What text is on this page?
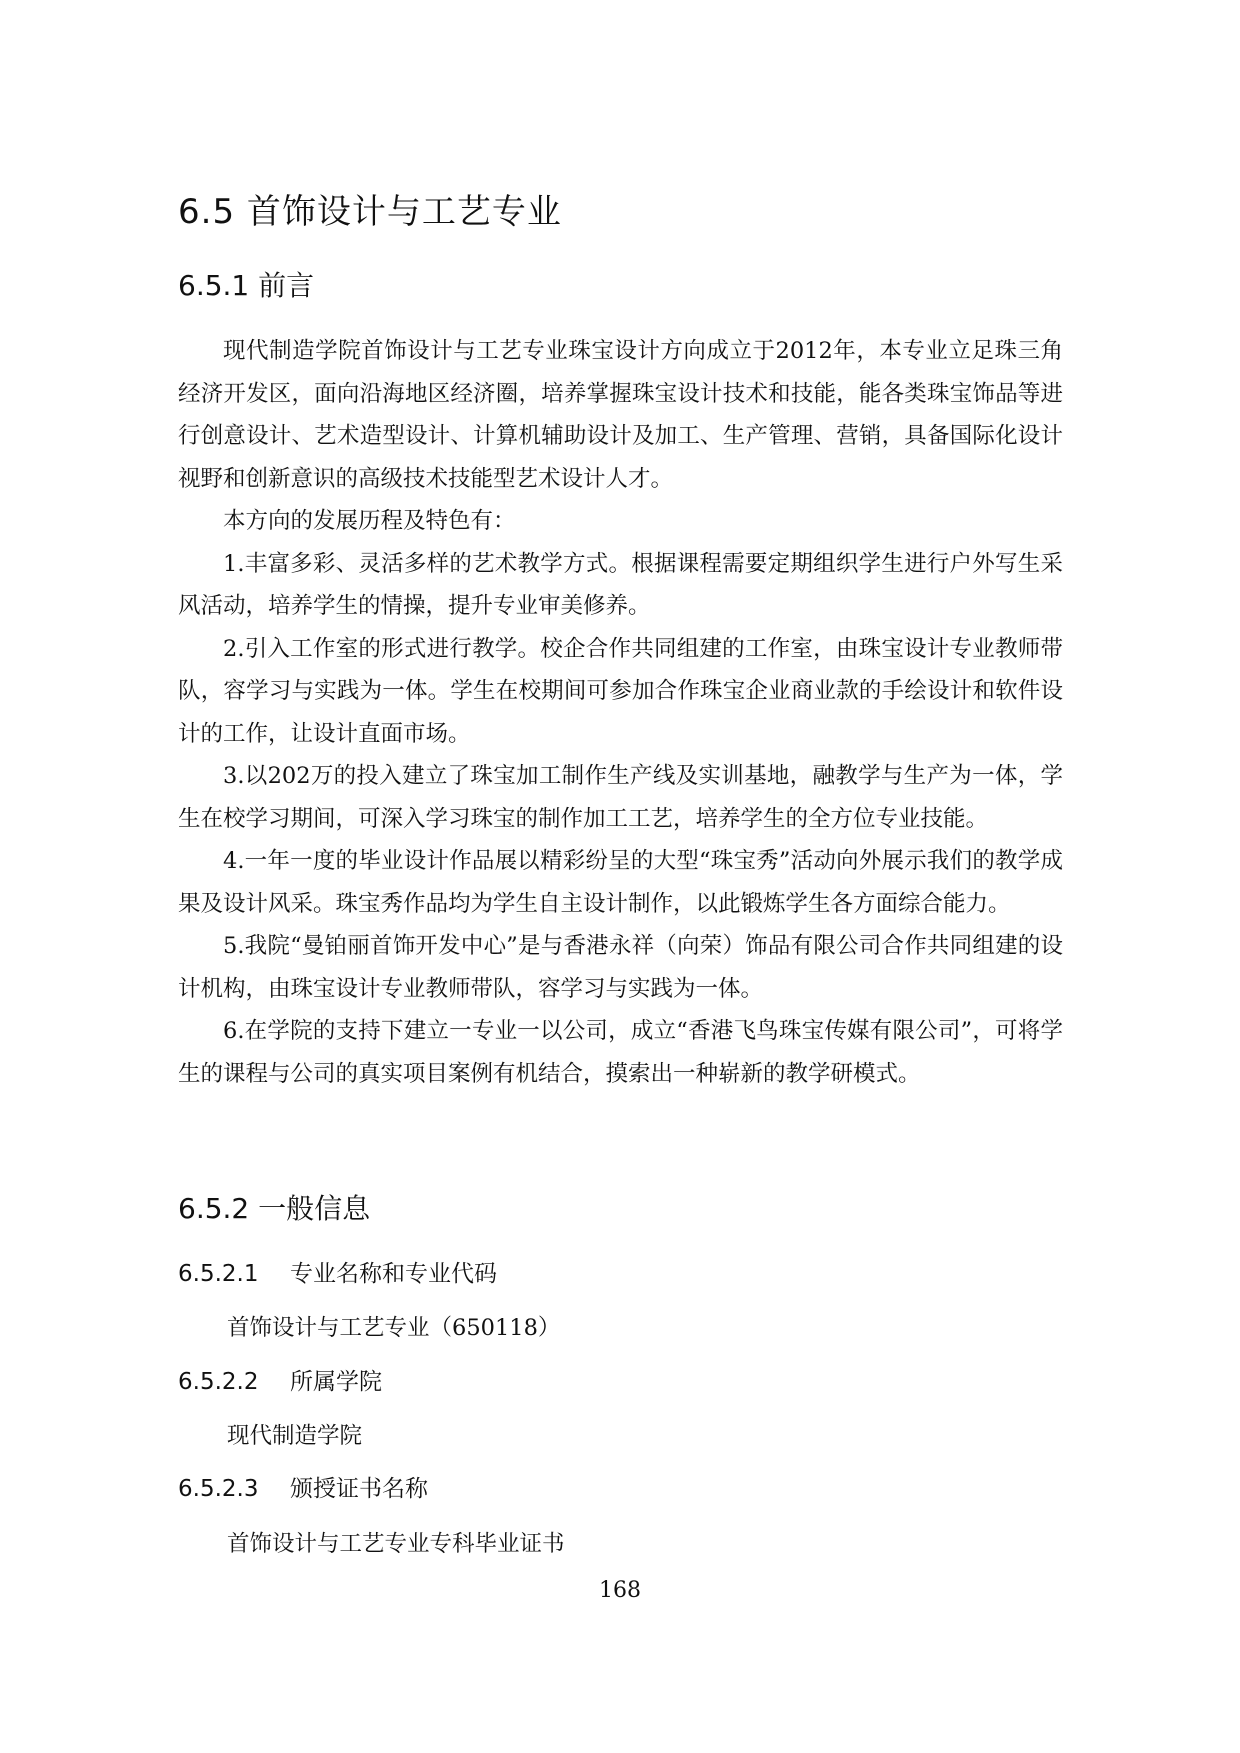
6.5 首饰设计与工艺专业
6.5.1 前言

现代制造学院首饰设计与工艺专业珠宝设计方向成立于2012年，本专业立足珠三角经济开发区，面向沿海地区经济圈，培养掌握珠宝设计技术和技能，能各类珠宝饰品等进行创意设计、艺术造型设计、计算机辅助设计及加工、生产管理、营销，具备国际化设计视野和创新意识的高级技术技能型艺术设计人才。

本方向的发展历程及特色有：

1.丰富多彩、灵活多样的艺术教学方式。根据课程需要定期组织学生进行户外写生采风活动，培养学生的情操，提升专业审美修养。

2.引入工作室的形式进行教学。校企合作共同组建的工作室，由珠宝设计专业教师带队，容学习与实践为一体。学生在校期间可参加合作珠宝企业商业款的手绘设计和软件设计的工作，让设计直面市场。

3.以202万的投入建立了珠宝加工制作生产线及实训基地，融教学与生产为一体，学生在校学习期间，可深入学习珠宝的制作加工工艺，培养学生的全方位专业技能。

4.一年一度的毕业设计作品展以精彩纷呈的大型“珠宝秀”活动向外展示我们的教学成果及设计风采。珠宝秀作品均为学生自主设计制作，以此锻炼学生各方面综合能力。

5.我院“曼铂丽首饰开发中心”是与香港永祥（向荣）饰品有限公司合作共同组建的设计机构，由珠宝设计专业教师带队，容学习与实践为一体。

6.在学院的支持下建立一专业一以公司，成立“香港飞鸟珠宝传媒有限公司”，可将学生的课程与公司的真实项目案例有机结合，摸索出一种崭新的教学研模式。

6.5.2 一般信息
6.5.2.1 专业名称和专业代码

首饰设计与工艺专业（650118）

6.5.2.2 所属学院

现代制造学院

6.5.2.3 颁授证书名称

首饰设计与工艺专业专科毕业证书

168
